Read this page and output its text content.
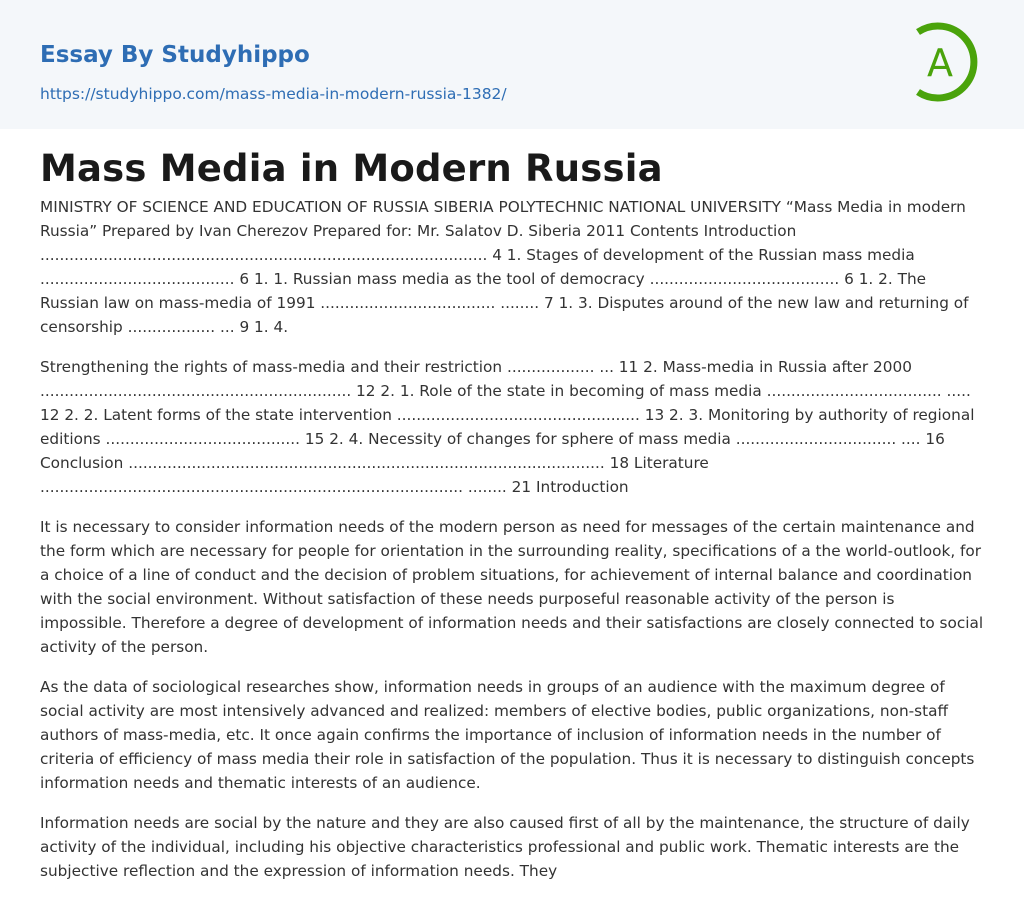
Essay By Studyhippo
https://studyhippo.com/mass-media-in-modern-russia-1382/
A
Mass Media in Modern Russia

MINISTRY OF SCIENCE AND EDUCATION OF RUSSIA SIBERIA POLYTECHNIC NATIONAL UNIVERSITY “Mass Media in modern Russia” Prepared by Ivan Cherezov Prepared for: Mr. Salatov D. Siberia 2011 Contents Introduction ............................................................................................ 4 1. Stages of development of the Russian mass media ........................................ 6 1. 1. Russian mass media as the tool of democracy ....................................... 6 1. 2. The Russian law on mass-media of 1991 .................................... ........ 7 1. 3. Disputes around of the new law and returning of censorship .................. ... 9 1. 4.

Strengthening the rights of mass-media and their restriction .................. ... 11 2. Mass-media in Russia after 2000 ................................................................ 12 2. 1. Role of the state in becoming of mass media .................................... ..... 12 2. 2. Latent forms of the state intervention .................................................. 13 2. 3. Monitoring by authority of regional editions ........................................ 15 2. 4. Necessity of changes for sphere of mass media ................................. .... 16 Conclusion .................................................................................................. 18 Literature ....................................................................................... ........ 21 Introduction

It is necessary to consider information needs of the modern person as need for messages of the certain maintenance and the form which are necessary for people for orientation in the surrounding reality, specifications of a the world-outlook, for a choice of a line of conduct and the decision of problem situations, for achievement of internal balance and coordination with the social environment. Without satisfaction of these needs purposeful reasonable activity of the person is impossible. Therefore a degree of development of information needs and their satisfactions are closely connected to social activity of the person.

As the data of sociological researches show, information needs in groups of an audience with the maximum degree of social activity are most intensively advanced and realized: members of elective bodies, public organizations, non-staff authors of mass-media, etc. It once again confirms the importance of inclusion of information needs in the number of criteria of efficiency of mass media their role in satisfaction of the population. Thus it is necessary to distinguish concepts information needs and thematic interests of an audience.

Information needs are social by the nature and they are also caused first of all by the maintenance, the structure of daily activity of the individual, including his objective characteristics professional and public work. Thematic interests are the subjective reflection and the expression of information needs. They
